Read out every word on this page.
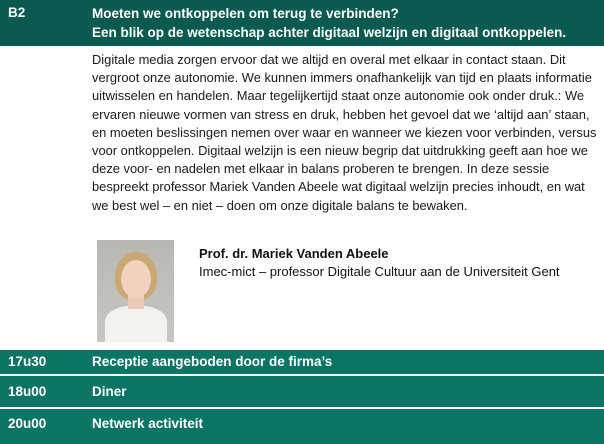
B2	Moeten we ontkoppelen om terug te verbinden?
Een blik op de wetenschap achter digitaal welzijn en digitaal ontkoppelen.
Digitale media zorgen ervoor dat we altijd en overal met elkaar in contact staan. Dit vergroot onze autonomie. We kunnen immers onafhankelijk van tijd en plaats informatie uitwisselen en handelen. Maar tegelijkertijd staat onze autonomie ook onder druk.: We ervaren nieuwe vormen van stress en druk, hebben het gevoel dat we ‘altijd aan’ staan, en moeten beslissingen nemen over waar en wanneer we kiezen voor verbinden, versus voor ontkoppelen. Digitaal welzijn is een nieuw begrip dat uitdrukking geeft aan hoe we deze voor- en nadelen met elkaar in balans proberen te brengen. In deze sessie bespreekt professor Mariek Vanden Abeele wat digitaal welzijn precies inhoudt, en wat we best wel – en niet – doen om onze digitale balans te bewaken.
Prof. dr. Mariek Vanden Abeele
Imec-mict – professor Digitale Cultuur aan de Universiteit Gent
17u30	Receptie aangeboden door de firma’s
18u00	Diner
20u00	Netwerk activiteit
